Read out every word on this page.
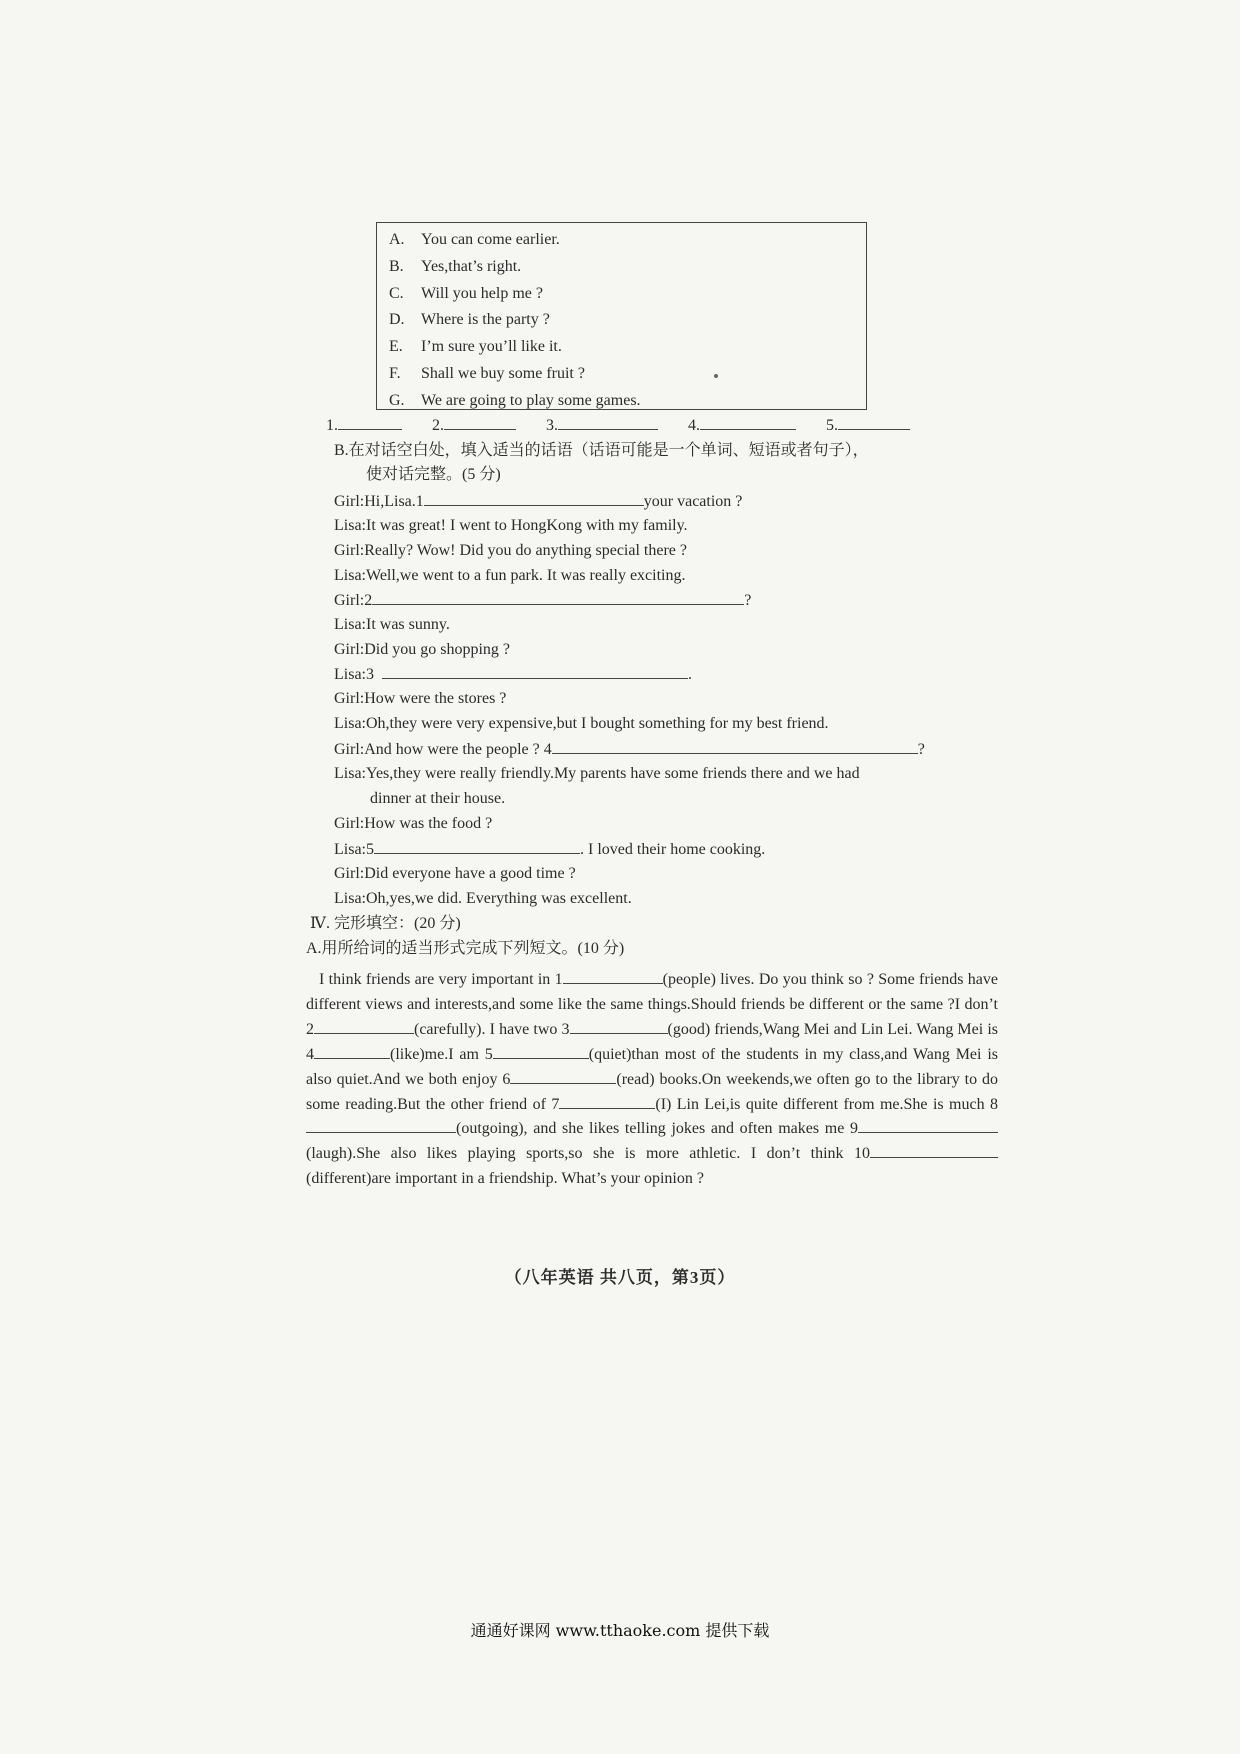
A. You can come earlier.
B. Yes,that’s right.
C. Will you help me ?
D. Where is the party ?
E. I’m sure you’ll like it.
F. Shall we buy some fruit ?
G. We are going to play some games.
1.	2.	3.	4.	5.
B.在对话空白处，填入适当的话语（话语可能是一个单词、短语或者句子），
使对话完整。(5 分)
Girl:Hi,Lisa.1	your vacation ?
Lisa:It was great! I went to HongKong with my family.
Girl:Really? Wow! Did you do anything special there ?
Lisa:Well,we went to a fun park. It was really exciting.
Girl:2	?
Lisa:It was sunny.
Girl:Did you go shopping ?
Lisa:3	.
Girl:How were the stores ?
Lisa:Oh,they were very expensive,but I bought something for my best friend.
Girl:And how were the people ? 4	?
Lisa:Yes,they were really friendly.My parents have some friends there and we had
dinner at their house.
Girl:How was the food ?
Lisa:5	. I loved their home cooking.
Girl:Did everyone have a good time ?
Lisa:Oh,yes,we did. Everything was excellent.
Ⅳ. 完形填空：(20 分)
A.用所给词的适当形式完成下列短文。(10 分)
I think friends are very important in 1	(people) lives. Do you think so ? Some friends have different views and interests,and some like the same things.Should friends be different or the same ?I don’t 2	(carefully). I have two 3	(good) friends,Wang Mei and Lin Lei. Wang Mei is 4	(like)me.I am 5	(quiet)than most of the students in my class,and Wang Mei is also quiet.And we both enjoy 6	(read) books.On weekends,we often go to the library to do some reading.But the other friend of 7	(I) Lin Lei,is quite different from me.She is much 8(outgoing), and she likes telling jokes and often makes me 9(laugh).She also likes playing sports,so she is more athletic. I don’t think 10(different)are important in a friendship. What’s your opinion ?
（八年英语 共八页，第3页）
通通好课网 www.tthaoke.com 提供下载
